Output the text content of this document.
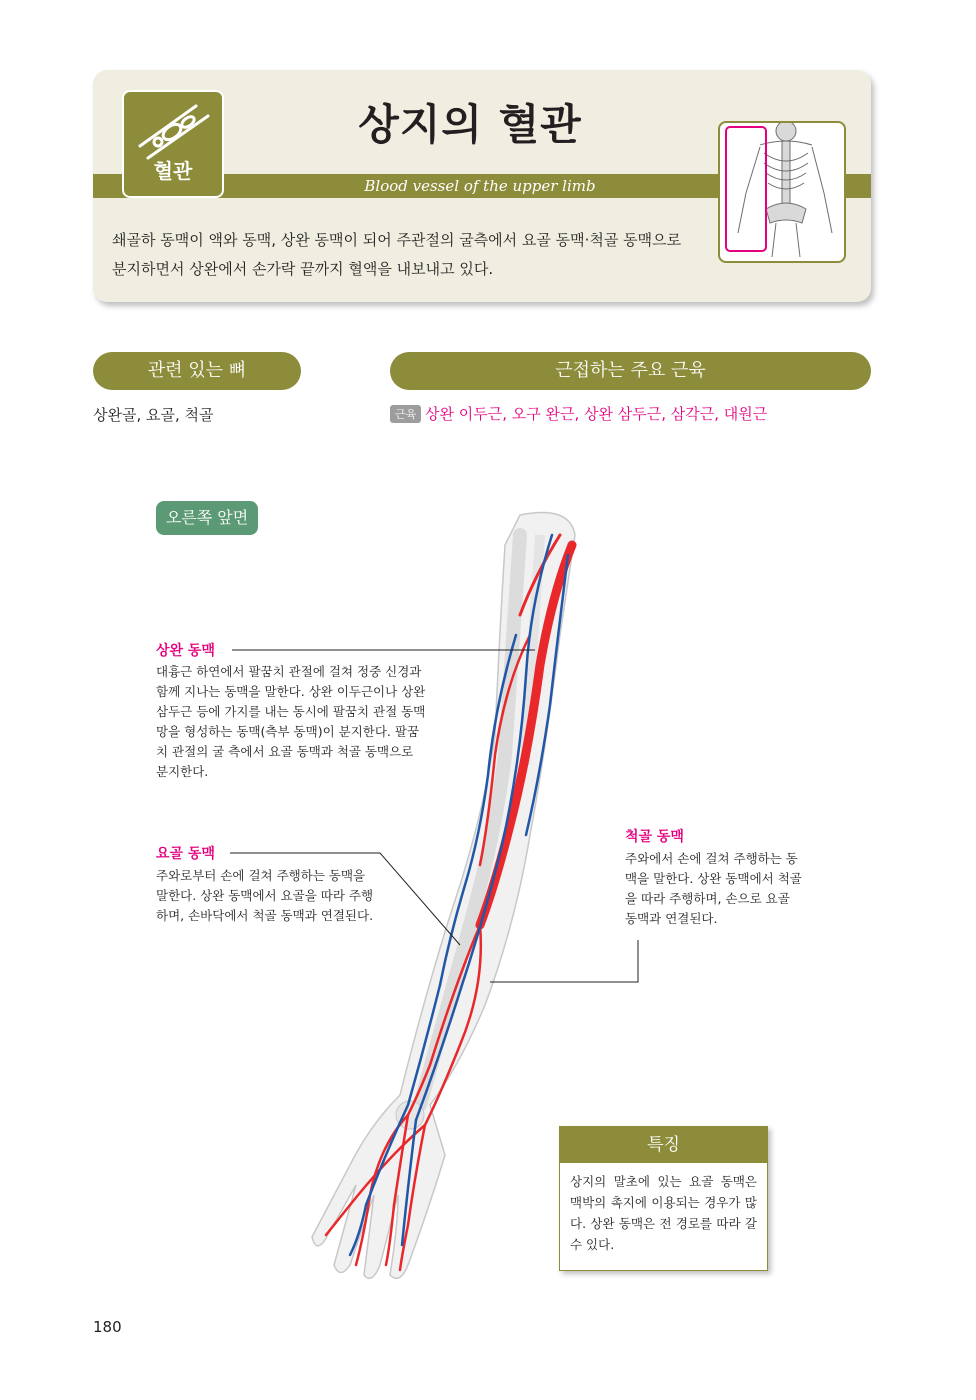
혈관
상지의 혈관
Blood vessel of the upper limb
쇄골하 동맥이 액와 동맥, 상완 동맥이 되어 주관절의 굴측에서 요골 동맥·척골 동맥으로
분지하면서 상완에서 손가락 끝까지 혈액을 내보내고 있다.
관련 있는 뼈	근접하는 주요 근육
상완골, 요골, 척골	근육 상완 이두근, 오구 완근, 상완 삼두근, 삼각근, 대원근
오른쪽 앞면
상완 동맥
대흉근 하연에서 팔꿈치 관절에 걸쳐 정중 신경과
함께 지나는 동맥을 말한다. 상완 이두근이나 상완
삼두근 등에 가지를 내는 동시에 팔꿈치 관절 동맥
망을 형성하는 동맥(측부 동맥)이 분지한다. 팔꿈
치 관절의 굴 측에서 요골 동맥과 척골 동맥으로
분지한다.
요골 동맥
주와로부터 손에 걸쳐 주행하는 동맥을
말한다. 상완 동맥에서 요골을 따라 주행
하며, 손바닥에서 척골 동맥과 연결된다.
척골 동맥
주와에서 손에 걸쳐 주행하는 동
맥을 말한다. 상완 동맥에서 척골
을 따라 주행하며, 손으로 요골
동맥과 연결된다.
특징
상지의 말초에 있는 요골 동맥은 맥박의 촉지에 이용되는 경우가 많다. 상완 동맥은 전 경로를 따라 갈 수 있다.
180
